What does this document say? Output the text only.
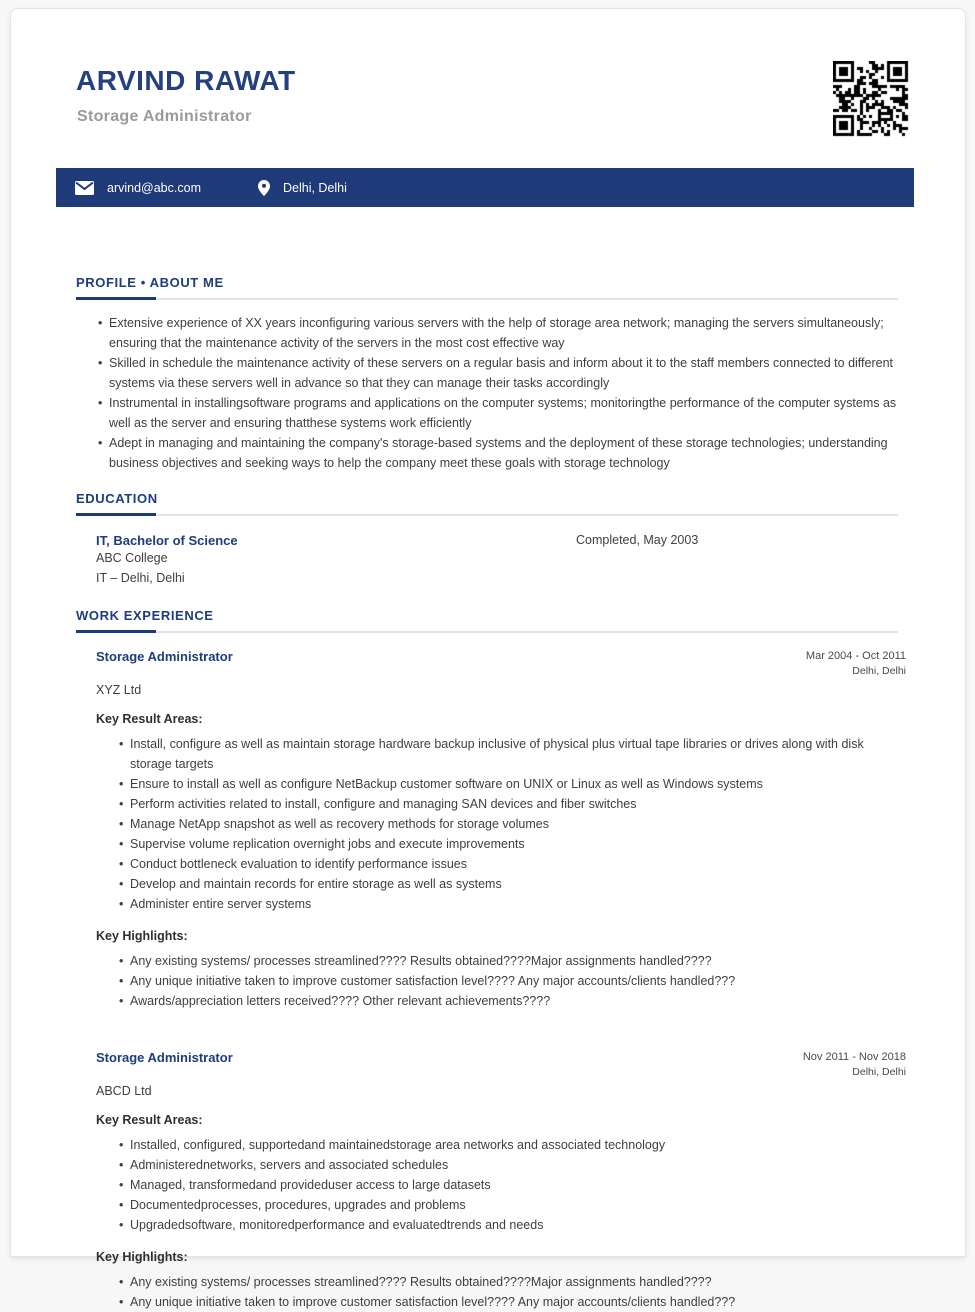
ARVIND RAWAT
Storage Administrator
arvind@abc.com	Delhi, Delhi
PROFILE • ABOUT ME
• Extensive experience of XX years inconfiguring various servers with the help of storage area network; managing the servers simultaneously; ensuring that the maintenance activity of the servers in the most cost effective way
• Skilled in schedule the maintenance activity of these servers on a regular basis and inform about it to the staff members connected to different systems via these servers well in advance so that they can manage their tasks accordingly
• Instrumental in installingsoftware programs and applications on the computer systems; monitoringthe performance of the computer systems as well as the server and ensuring thatthese systems work efficiently
• Adept in managing and maintaining the company's storage-based systems and the deployment of these storage technologies; understanding business objectives and seeking ways to help the company meet these goals with storage technology
EDUCATION
IT, Bachelor of Science
ABC College
IT – Delhi, Delhi
Completed, May 2003
WORK EXPERIENCE
Storage Administrator	Mar 2004 - Oct 2011
Delhi, Delhi
XYZ Ltd
Key Result Areas:
• Install, configure as well as maintain storage hardware backup inclusive of physical plus virtual tape libraries or drives along with disk storage targets
• Ensure to install as well as configure NetBackup customer software on UNIX or Linux as well as Windows systems
• Perform activities related to install, configure and managing SAN devices and fiber switches
• Manage NetApp snapshot as well as recovery methods for storage volumes
• Supervise volume replication overnight jobs and execute improvements
• Conduct bottleneck evaluation to identify performance issues
• Develop and maintain records for entire storage as well as systems
• Administer entire server systems
Key Highlights:
• Any existing systems/ processes streamlined???? Results obtained????Major assignments handled????
• Any unique initiative taken to improve customer satisfaction level???? Any major accounts/clients handled???
• Awards/appreciation letters received???? Other relevant achievements????
Storage Administrator	Nov 2011 - Nov 2018
Delhi, Delhi
ABCD Ltd
Key Result Areas:
• Installed, configured, supportedand maintainedstorage area networks and associated technology
• Administerednetworks, servers and associated schedules
• Managed, transformedand provideduser access to large datasets
• Documentedprocesses, procedures, upgrades and problems
• Upgradedsoftware, monitoredperformance and evaluatedtrends and needs
Key Highlights:
• Any existing systems/ processes streamlined???? Results obtained????Major assignments handled????
• Any unique initiative taken to improve customer satisfaction level???? Any major accounts/clients handled???
